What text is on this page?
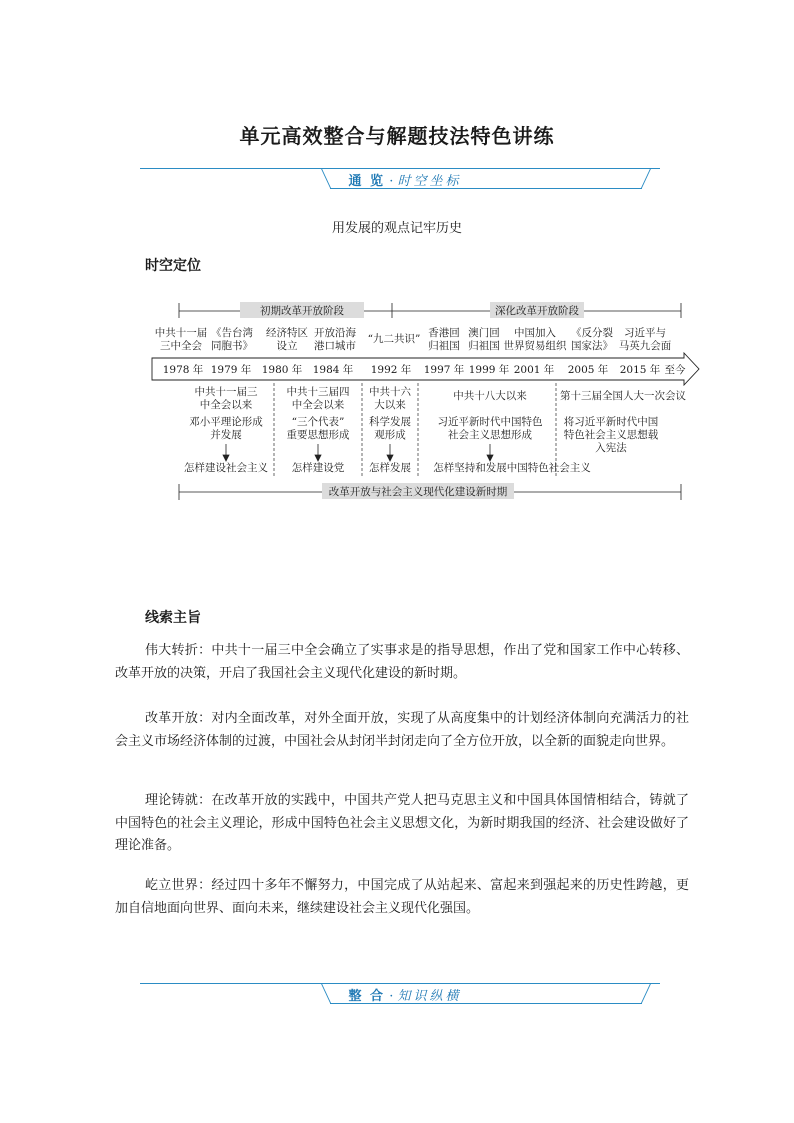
单元高效整合与解题技法特色讲练
通 览 · 时空坐标
用发展的观点记牢历史
时空定位
初期改革开放阶段	深化改革开放阶段
中共十一届
三中全会
《告台湾
同胞书》
经济特区
设立
开放沿海
港口城市
“九二共识” 香港回
归祖国
澳门回
归祖国
中国加入
世界贸易组织
《反分裂
国家法》
习近平与
马英九会面
1978 年 1979 年 1980 年 1984 年 1992 年 1997 年 1999 年 2001 年 2005 年 2015 年 至今
中共十一届三
中全会以来
邓小平理论形成
并发展
怎样建设社会主义
中共十三届四
中全会以来
“三个代表”
重要思想形成
怎样建设党
中共十六
大以来
科学发展
观形成
怎样发展
中共十八大以来
习近平新时代中国特色
社会主义思想形成
怎样坚持和发展中国特色社会主义
第十三届全国人大一次会议
将习近平新时代中国
特色社会主义思想载
入宪法
改革开放与社会主义现代化建设新时期
线索主旨
伟大转折：中共十一届三中全会确立了实事求是的指导思想，作出了党和国家工作中心转移、改革开放的决策，开启了我国社会主义现代化建设的新时期。
改革开放：对内全面改革，对外全面开放，实现了从高度集中的计划经济体制向充满活力的社会主义市场经济体制的过渡，中国社会从封闭半封闭走向了全方位开放，以全新的面貌走向世界。
理论铸就：在改革开放的实践中，中国共产党人把马克思主义和中国具体国情相结合，铸就了中国特色的社会主义理论，形成中国特色社会主义思想文化，为新时期我国的经济、社会建设做好了理论准备。
屹立世界：经过四十多年不懈努力，中国完成了从站起来、富起来到强起来的历史性跨越，更加自信地面向世界、面向未来，继续建设社会主义现代化强国。
整 合 · 知识纵横
